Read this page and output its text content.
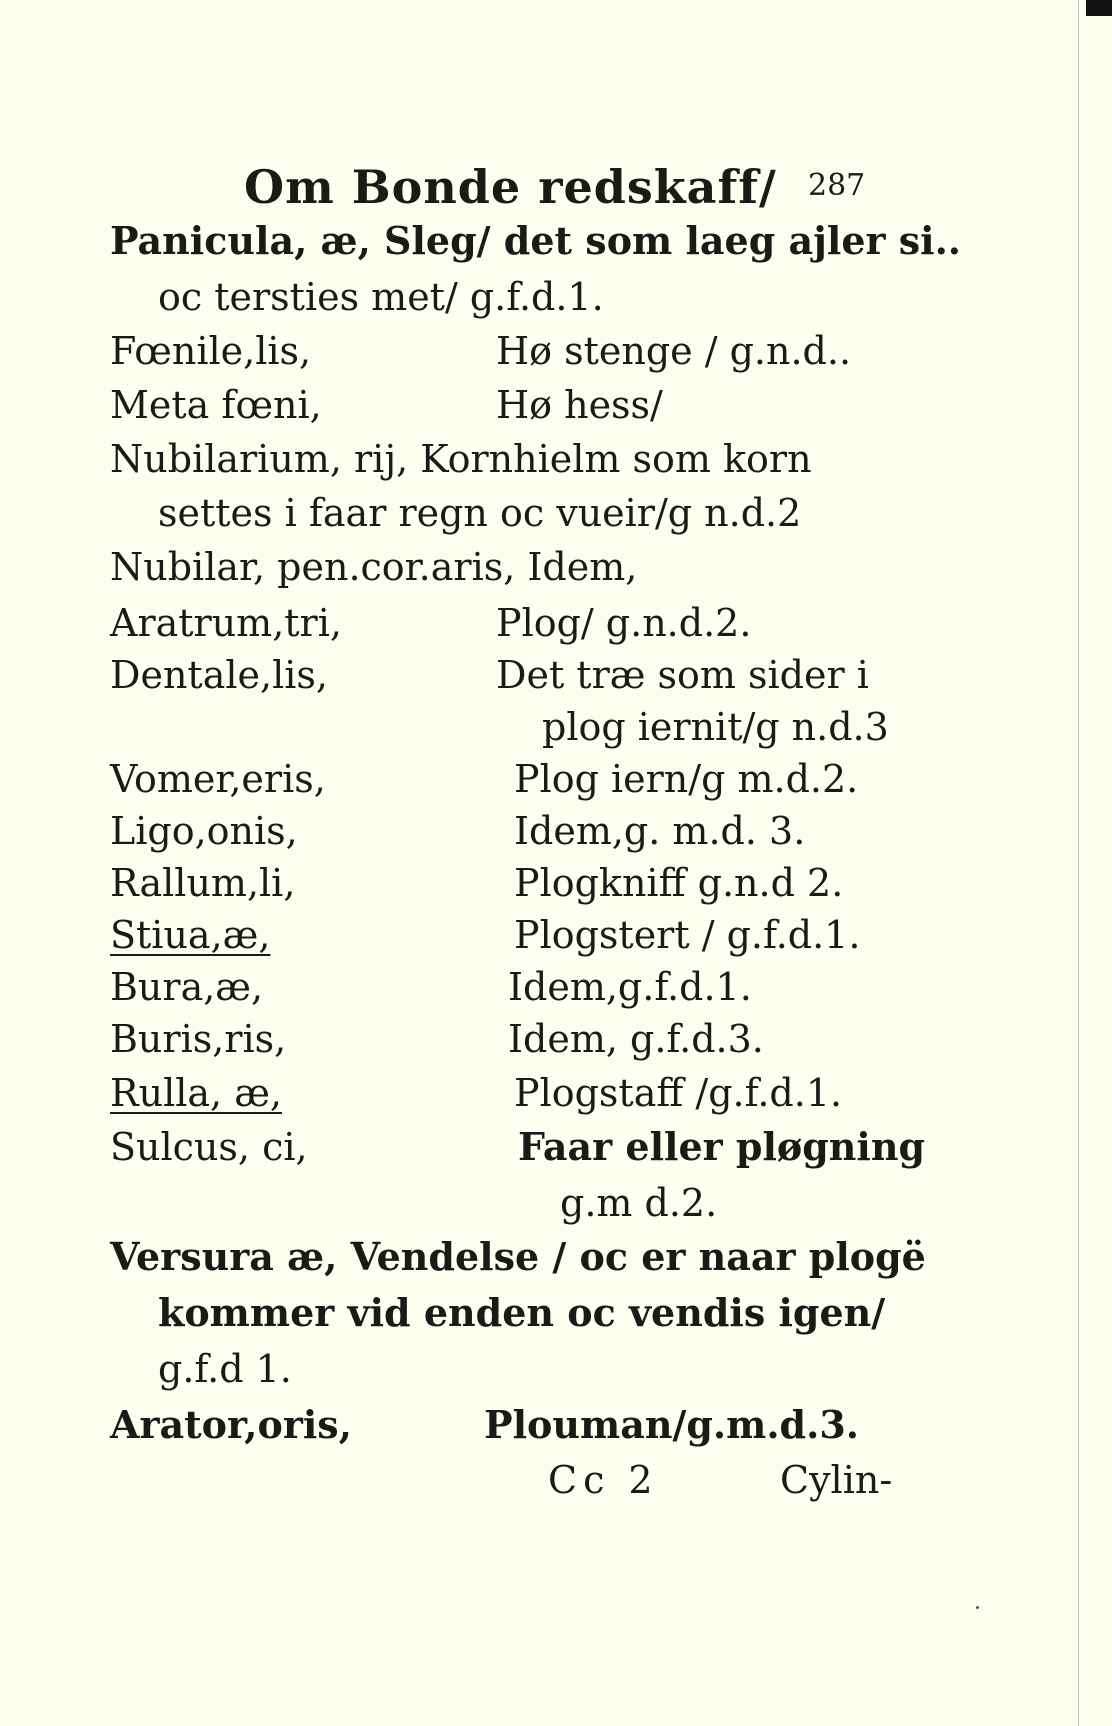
Om Bonde redskaff/ 287
Panicula, æ, Sleg/ det som laeg ajler si..
oc tersties met/ g.f.d.1.
Fœnile,lis,	Hø stenge / g.n.d..
Meta fœni,	Hø hess/
Nubilarium, rij, Kornhielm som korn
settes i faar regn oc vueir/g n.d.2
Nubilar, pen.cor.aris, Idem,
Aratrum,tri,	Plog/ g.n.d.2.
Dentale,lis,	Det træ som sider i
plog iernit/g n.d.3
Vomer,eris,	Plog iern/g m.d.2.
Ligo,onis,	Idem,g. m.d. 3.
Rallum,li,	Plogkniff g.n.d 2.
Stiua,æ,	Plogstert / g.f.d.1.
Bura,æ,	Idem,g.f.d.1.
Buris,ris,	Idem, g.f.d.3.
Rulla, æ,	Plogstaff /g.f.d.1.
Sulcus, ci,	Faar eller pløgning
g.m d.2.
Versura æ, Vendelse / oc er naar plogë
kommer vid enden oc vendis igen/
g.f.d 1.
Arator,oris,	Plouman/g.m.d.3.
Cc 2	Cylin-
